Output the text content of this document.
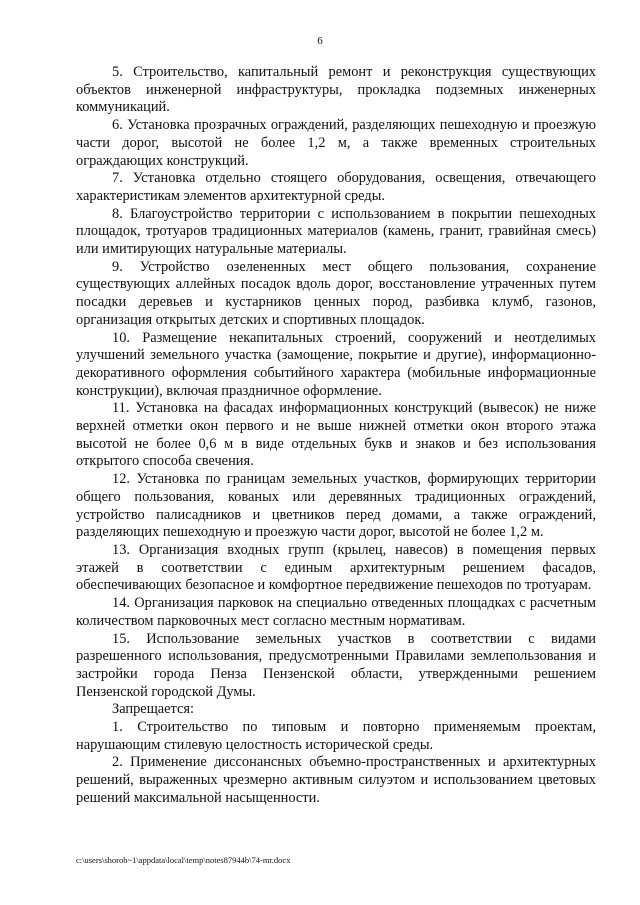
6

5. Строительство, капитальный ремонт и реконструкция существующих объектов инженерной инфраструктуры, прокладка подземных инженерных коммуникаций.

6. Установка прозрачных ограждений, разделяющих пешеходную и проезжую части дорог, высотой не более 1,2 м, а также временных строительных ограждающих конструкций.

7. Установка отдельно стоящего оборудования, освещения, отвечающего характеристикам элементов архитектурной среды.

8. Благоустройство территории с использованием в покрытии пешеходных площадок, тротуаров традиционных материалов (камень, гранит, гравийная смесь) или имитирующих натуральные материалы.

9. Устройство озелененных мест общего пользования, сохранение существующих аллейных посадок вдоль дорог, восстановление утраченных путем посадки деревьев и кустарников ценных пород, разбивка клумб, газонов, организация открытых детских и спортивных площадок.

10. Размещение некапитальных строений, сооружений и неотделимых улучшений земельного участка (замощение, покрытие и другие), информационно-декоративного оформления событийного характера (мобильные информационные конструкции), включая праздничное оформление.

11. Установка на фасадах информационных конструкций (вывесок) не ниже верхней отметки окон первого и не выше нижней отметки окон второго этажа высотой не более 0,6 м в виде отдельных букв и знаков и без использования открытого способа свечения.

12. Установка по границам земельных участков, формирующих территории общего пользования, кованых или деревянных традиционных ограждений, устройство палисадников и цветников перед домами, а также ограждений, разделяющих пешеходную и проезжую части дорог, высотой не более 1,2 м.

13. Организация входных групп (крылец, навесов) в помещения первых этажей в соответствии с единым архитектурным решением фасадов, обеспечивающих безопасное и комфортное передвижение пешеходов по тротуарам.

14. Организация парковок на специально отведенных площадках с расчетным количеством парковочных мест согласно местным нормативам.

15. Использование земельных участков в соответствии с видами разрешенного использования, предусмотренными Правилами землепользования и застройки города Пенза Пензенской области, утвержденными решением Пензенской городской Думы.

Запрещается:

1. Строительство по типовым и повторно применяемым проектам, нарушающим стилевую целостность исторической среды.

2. Применение диссонансных объемно-пространственных и архитектурных решений, выраженных чрезмерно активным силуэтом и использованием цветовых решений максимальной насыщенности.

c:\users\shorob~1\appdata\local\temp\notes87944b\74-mr.docx
